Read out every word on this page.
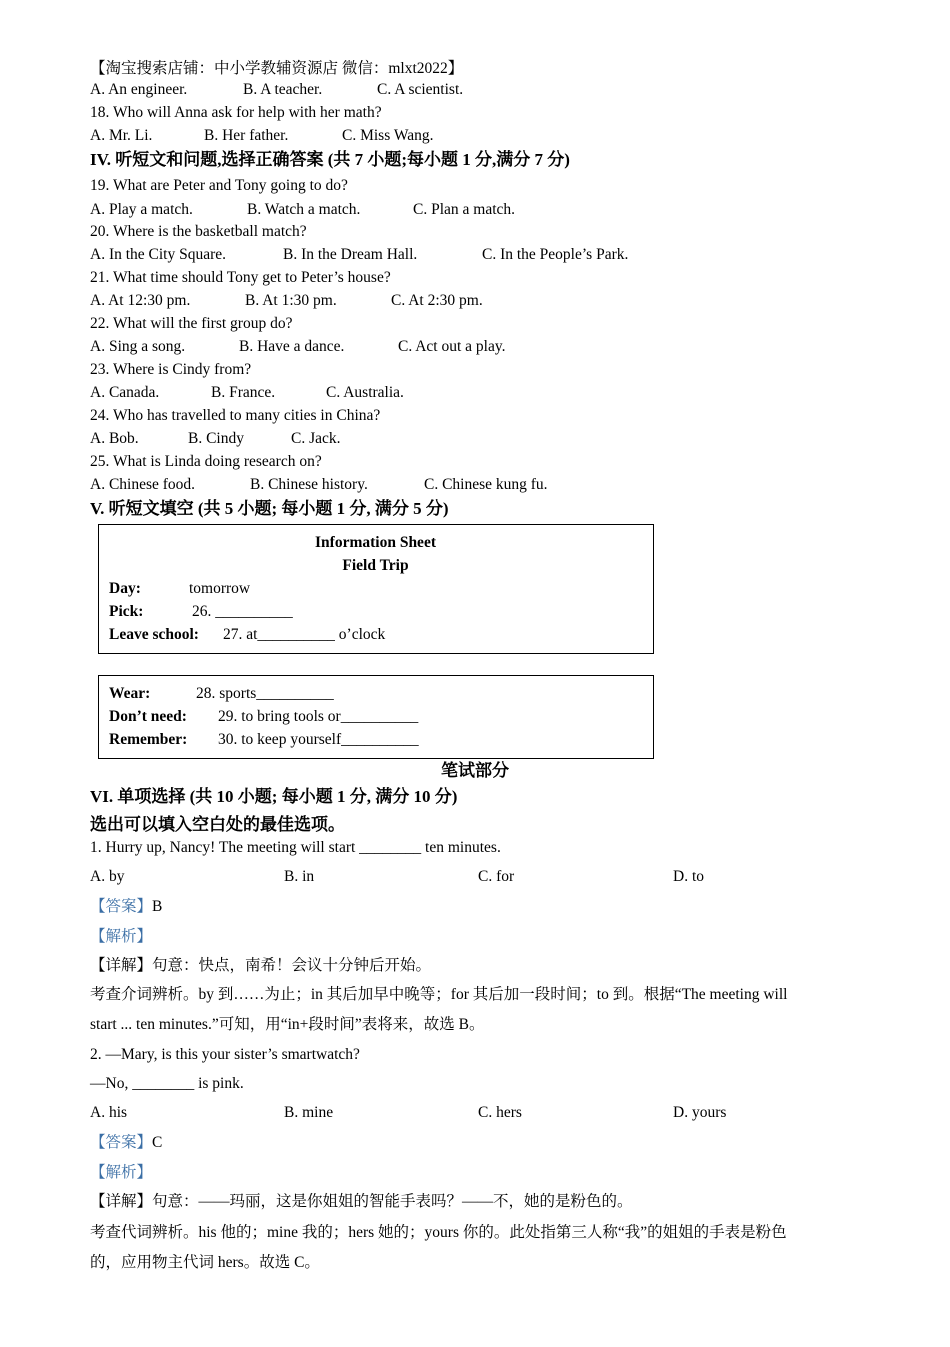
【淘宝搜索店铺：中小学教辅资源店 微信：mlxt2022】
A. An engineer.	B. A teacher.	C. A scientist.
18. Who will Anna ask for help with her math?
A. Mr. Li.	B. Her father.	C. Miss Wang.
IV. 听短文和问题,选择正确答案 (共 7 小题;每小题 1 分,满分 7 分)
19. What are Peter and Tony going to do?
A. Play a match.	B. Watch a match.	C. Plan a match.
20. Where is the basketball match?
A. In the City Square.	B. In the Dream Hall.	C. In the People’s Park.
21. What time should Tony get to Peter’s house?
A. At 12:30 pm.	B. At 1:30 pm.	C. At 2:30 pm.
22. What will the first group do?
A. Sing a song.	B. Have a dance.	C. Act out a play.
23. Where is Cindy from?
A. Canada.	B. France.	C. Australia.
24. Who has travelled to many cities in China?
A. Bob.	B. Cindy	C. Jack.
25. What is Linda doing research on?
A. Chinese food.	B. Chinese history.	C. Chinese kung fu.
V. 听短文填空 (共 5 小题; 每小题 1 分, 满分 5 分)
Information Sheet
Field Trip
Day:	tomorrow
Pick:	26. __________
Leave school: 27. at__________ o’clock
Wear:	28. sports__________
Don’t need: 29. to bring tools or__________
Remember: 30. to keep yourself__________
笔试部分
VI. 单项选择 (共 10 小题; 每小题 1 分, 满分 10 分)
选出可以填入空白处的最佳选项。
1. Hurry up, Nancy! The meeting will start ________ ten minutes.
A. by	B. in	C. for	D. to
【答案】B
【解析】
【详解】句意：快点，南希！会议十分钟后开始。
考查介词辨析。by 到……为止；in 其后加早中晚等；for 其后加一段时间；to 到。根据“The meeting will
start ... ten minutes.”可知，用“in+段时间”表将来，故选 B。
2. —Mary, is this your sister’s smartwatch?
—No, ________ is pink.
A. his	B. mine	C. hers	D. yours
【答案】C
【解析】
【详解】句意：——玛丽，这是你姐姐的智能手表吗？——不，她的是粉色的。
考查代词辨析。his 他的；mine 我的；hers 她的；yours 你的。此处指第三人称“我”的姐姐的手表是粉色
的，应用物主代词 hers。故选 C。
